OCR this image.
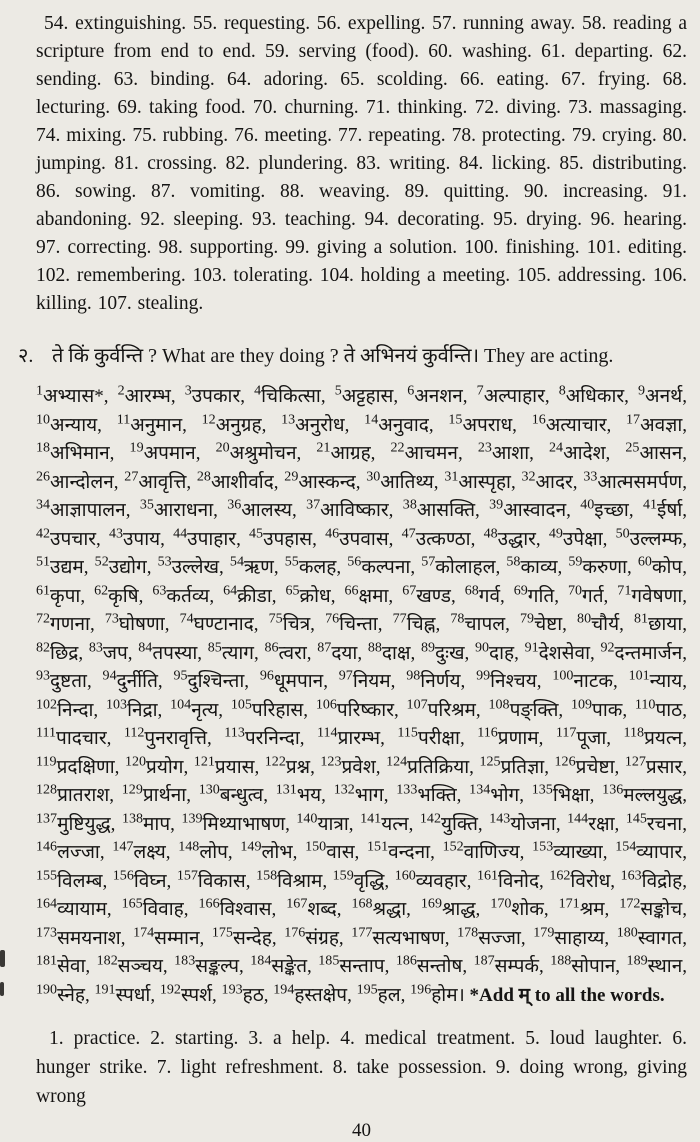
54. extinguishing. 55. requesting. 56. expelling. 57. running away. 58. reading a scripture from end to end. 59. serving (food). 60. washing. 61. departing. 62. sending. 63. binding. 64. adoring. 65. scolding. 66. eating. 67. frying. 68. lecturing. 69. taking food. 70. churning. 71. thinking. 72. diving. 73. massaging. 74. mixing. 75. rubbing. 76. meeting. 77. repeating. 78. protecting. 79. crying. 80. jumping. 81. crossing. 82. plundering. 83. writing. 84. licking. 85. distributing. 86. sowing. 87. vomiting. 88. weaving. 89. quitting. 90. increasing. 91. abandoning. 92. sleeping. 93. teaching. 94. decorating. 95. drying. 96. hearing. 97. correcting. 98. supporting. 99. giving a solution. 100. finishing. 101. editing. 102. remembering. 103. tolerating. 104. holding a meeting. 105. addressing. 106. killing. 107. stealing.

२. ते किं कुर्वन्ति ? What are they doing ? ते अभिनयं कुर्वन्ति। They are acting.

$^1$अभ्यास*, $^2$आरम्भ, $^3$उपकार, $^4$चिकित्सा, $^5$अट्टहास, $^6$अनशन, $^7$अल्पाहार, $^8$अधिकार, $^9$अनर्थ, $^{10}$अन्याय, $^{11}$अनुमान, $^{12}$अनुग्रह, $^{13}$अनुरोध, $^{14}$अनुवाद, $^{15}$अपराध, $^{16}$अत्याचार, $^{17}$अवज्ञा, $^{18}$अभिमान, $^{19}$अपमान, $^{20}$अश्रुमोचन, $^{21}$आग्रह, $^{22}$आचमन, $^{23}$आशा, $^{24}$आदेश, $^{25}$आसन, $^{26}$आन्दोलन, $^{27}$आवृत्ति, $^{28}$आशीर्वाद, $^{29}$आस्कन्द, $^{30}$आतिथ्य, $^{31}$आस्पृहा, $^{32}$आदर, $^{33}$आत्मसमर्पण, $^{34}$आज्ञापालन, $^{35}$आराधना, $^{36}$आलस्य, $^{37}$आविष्कार, $^{38}$आसक्ति, $^{39}$आस्वादन, $^{40}$इच्छा, $^{41}$ईर्षा, $^{42}$उपचार, $^{43}$उपाय, $^{44}$उपाहार, $^{45}$उपहास, $^{46}$उपवास, $^{47}$उत्कण्ठा, $^{48}$उद्धार, $^{49}$उपेक्षा, $^{50}$उल्लम्फ, $^{51}$उद्यम, $^{52}$उद्योग, $^{53}$उल्लेख, $^{54}$ऋण, $^{55}$कलह, $^{56}$कल्पना, $^{57}$कोलाहल, $^{58}$काव्य, $^{59}$करुणा, $^{60}$कोप, $^{61}$कृपा, $^{62}$कृषि, $^{63}$कर्तव्य, $^{64}$क्रीडा, $^{65}$क्रोध, $^{66}$क्षमा, $^{67}$खण्ड, $^{68}$गर्व, $^{69}$गति, $^{70}$गर्त, $^{71}$गवेषणा, $^{72}$गणना, $^{73}$घोषणा, $^{74}$घण्टानाद, $^{75}$चित्र, $^{76}$चिन्ता, $^{77}$चिह्न, $^{78}$चापल, $^{79}$चेष्टा, $^{80}$चौर्य, $^{81}$छाया, $^{82}$छिद्र, $^{83}$जप, $^{84}$तपस्या, $^{85}$त्याग, $^{86}$त्वरा, $^{87}$दया, $^{88}$दाक्ष, $^{89}$दुःख, $^{90}$दाह, $^{91}$देशसेवा, $^{92}$दन्तमार्जन, $^{93}$दुष्टता, $^{94}$दुर्नीति, $^{95}$दुश्चिन्ता, $^{96}$धूमपान, $^{97}$नियम, $^{98}$निर्णय, $^{99}$निश्चय, $^{100}$नाटक, $^{101}$न्याय, $^{102}$निन्दा, $^{103}$निद्रा, $^{104}$नृत्य, $^{105}$परिहास, $^{106}$परिष्कार, $^{107}$परिश्रम, $^{108}$पङ्क्ति, $^{109}$पाक, $^{110}$पाठ, $^{111}$पादचार, $^{112}$पुनरावृत्ति, $^{113}$परनिन्दा, $^{114}$प्रारम्भ, $^{115}$परीक्षा, $^{116}$प्रणाम, $^{117}$पूजा, $^{118}$प्रयत्न, $^{119}$प्रदक्षिणा, $^{120}$प्रयोग, $^{121}$प्रयास, $^{122}$प्रश्न, $^{123}$प्रवेश, $^{124}$प्रतिक्रिया, $^{125}$प्रतिज्ञा, $^{126}$प्रचेष्टा, $^{127}$प्रसार, $^{128}$प्रातराश, $^{129}$प्रार्थना, $^{130}$बन्धुत्व, $^{131}$भय, $^{132}$भाग, $^{133}$भक्ति, $^{134}$भोग, $^{135}$भिक्षा, $^{136}$मल्लयुद्ध, $^{137}$मुष्टियुद्ध, $^{138}$माप, $^{139}$मिथ्याभाषण, $^{140}$यात्रा, $^{141}$यत्न, $^{142}$युक्ति, $^{143}$योजना, $^{144}$रक्षा, $^{145}$रचना, $^{146}$लज्जा, $^{147}$लक्ष्य, $^{148}$लोप, $^{149}$लोभ, $^{150}$वास, $^{151}$वन्दना, $^{152}$वाणिज्य, $^{153}$व्याख्या, $^{154}$व्यापार, $^{155}$विलम्ब, $^{156}$विघ्न, $^{157}$विकास, $^{158}$विश्राम, $^{159}$वृद्धि, $^{160}$व्यवहार, $^{161}$विनोद, $^{162}$विरोध, $^{163}$विद्रोह, $^{164}$व्यायाम, $^{165}$विवाह, $^{166}$विश्वास, $^{167}$शब्द, $^{168}$श्रद्धा, $^{169}$श्राद्ध, $^{170}$शोक, $^{171}$श्रम, $^{172}$सङ्कोच, $^{173}$समयनाश, $^{174}$सम्मान, $^{175}$सन्देह, $^{176}$संग्रह, $^{177}$सत्यभाषण, $^{178}$सज्जा, $^{179}$साहाय्य, $^{180}$स्वागत, $^{181}$सेवा, $^{182}$सञ्चय, $^{183}$सङ्कल्प, $^{184}$सङ्केत, $^{185}$सन्ताप, $^{186}$सन्तोष, $^{187}$सम्पर्क, $^{188}$सोपान, $^{189}$स्थान, $^{190}$स्नेह, $^{191}$स्पर्धा, $^{192}$स्पर्श, $^{193}$हठ, $^{194}$हस्तक्षेप, $^{195}$हल, $^{196}$होम। *Add म् to all the words.

1. practice. 2. starting. 3. a help. 4. medical treatment. 5. loud laughter. 6. hunger strike. 7. light refreshment. 8. take possession. 9. doing wrong, giving wrong

40
